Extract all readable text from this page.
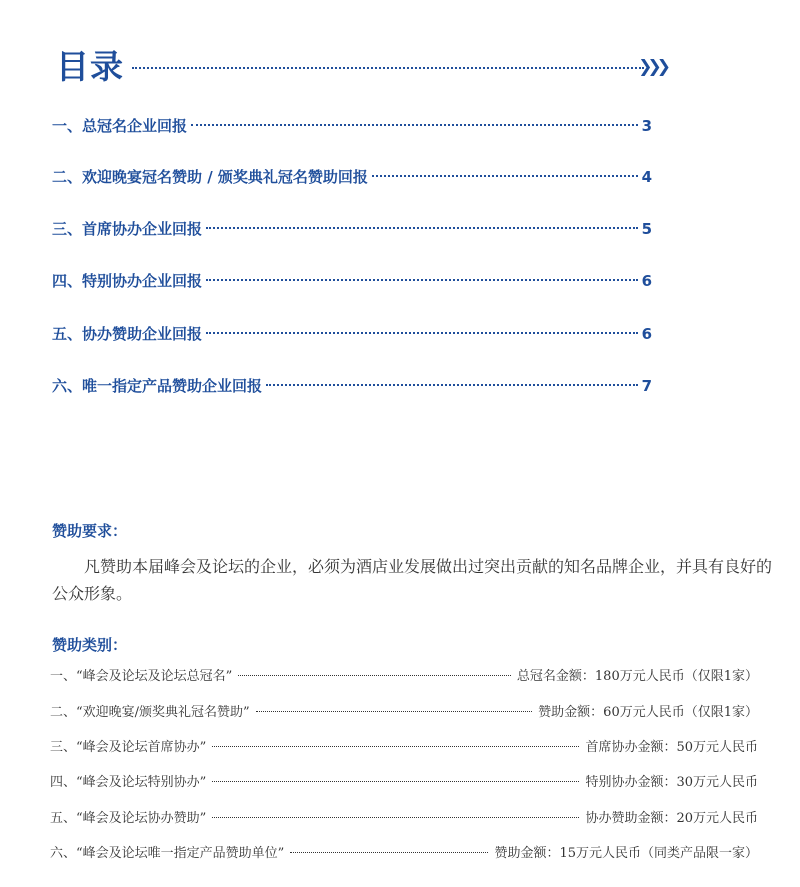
目录	❯❯❯
一、总冠名企业回报	3
二、欢迎晚宴冠名赞助 / 颁奖典礼冠名赞助回报	4
三、首席协办企业回报	5
四、特别协办企业回报	6
五、协办赞助企业回报	6
六、唯一指定产品赞助企业回报	7
赞助要求：
凡赞助本届峰会及论坛的企业，必须为酒店业发展做出过突出贡献的知名品牌企业，并具有良好的公众形象。
赞助类别：
一、“峰会及论坛及论坛总冠名”	总冠名金额：180万元人民币（仅限1家）
二、“欢迎晚宴/颁奖典礼冠名赞助”	赞助金额：60万元人民币（仅限1家）
三、“峰会及论坛首席协办”	首席协办金额：50万元人民币
四、“峰会及论坛特别协办”	特别协办金额：30万元人民币
五、“峰会及论坛协办赞助”	协办赞助金额：20万元人民币
六、“峰会及论坛唯一指定产品赞助单位”	赞助金额：15万元人民币（同类产品限一家）
